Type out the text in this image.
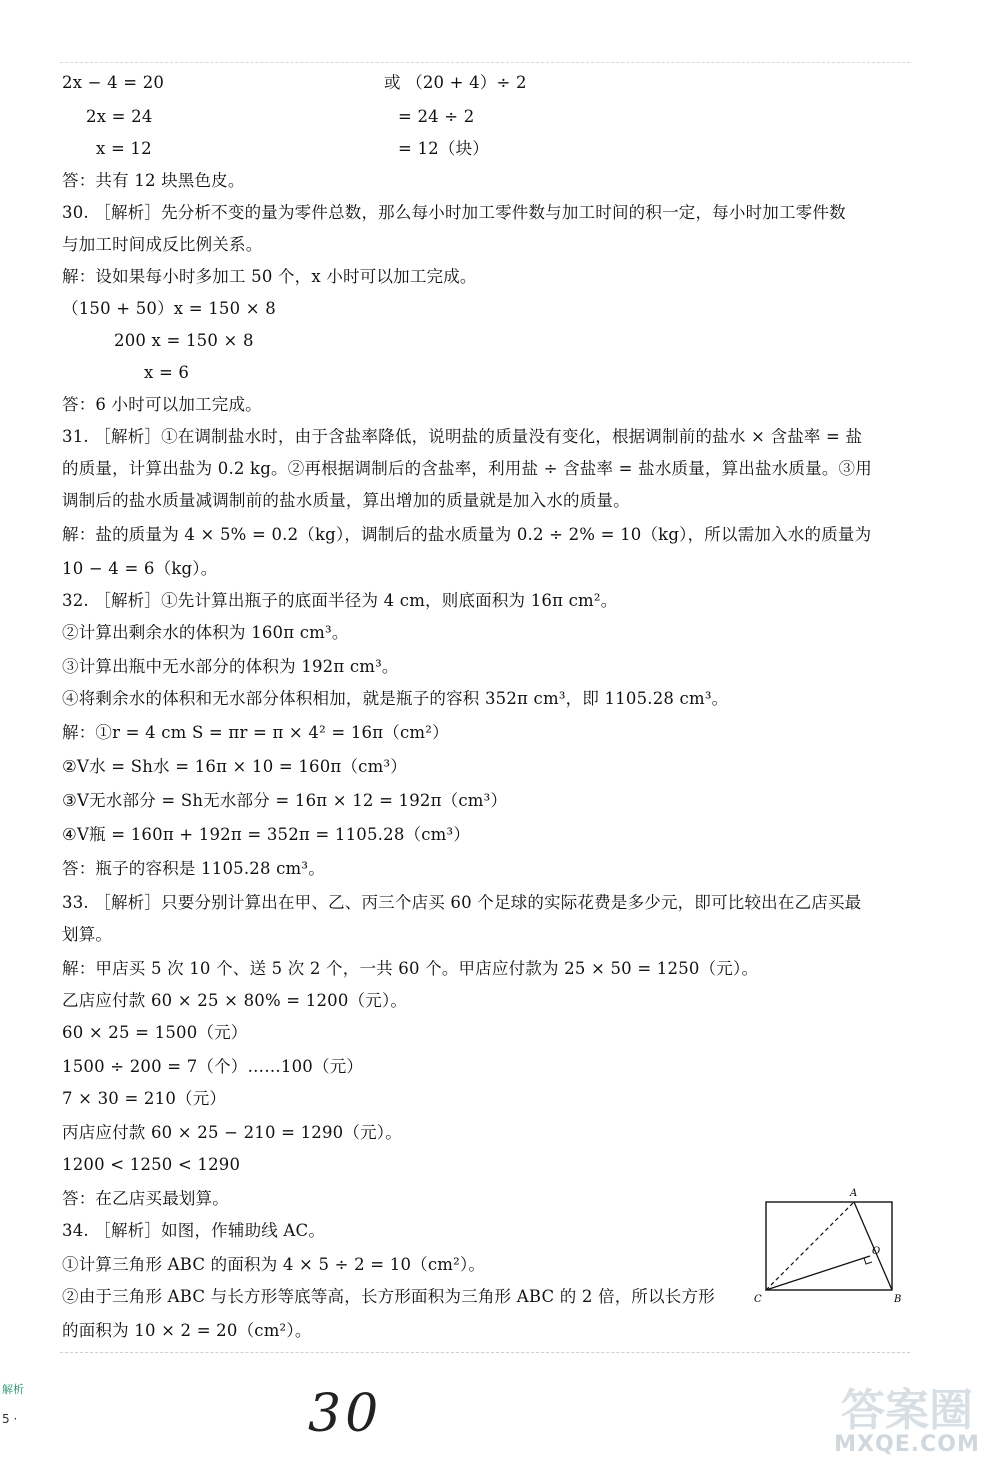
2x − 4 = 20	或 （20 + 4）÷ 2
2x = 24	= 24 ÷ 2
x = 12	= 12（块）
答：共有 12 块黑色皮。
30. ［解析］先分析不变的量为零件总数，那么每小时加工零件数与加工时间的积一定，每小时加工零件数
与加工时间成反比例关系。
解：设如果每小时多加工 50 个，x 小时可以加工完成。
（150 + 50）x = 150 × 8
200 x = 150 × 8
x = 6
答：6 小时可以加工完成。
31. ［解析］①在调制盐水时，由于含盐率降低，说明盐的质量没有变化，根据调制前的盐水 × 含盐率 = 盐
的质量，计算出盐为 0.2 kg。②再根据调制后的含盐率，利用盐 ÷ 含盐率 = 盐水质量，算出盐水质量。③用
调制后的盐水质量减调制前的盐水质量，算出增加的质量就是加入水的质量。
解：盐的质量为 4 × 5% = 0.2（kg），调制后的盐水质量为 0.2 ÷ 2% = 10（kg），所以需加入水的质量为
10 − 4 = 6（kg）。
32. ［解析］①先计算出瓶子的底面半径为 4 cm，则底面积为 16π cm²。
②计算出剩余水的体积为 160π cm³。
③计算出瓶中无水部分的体积为 192π cm³。
④将剩余水的体积和无水部分体积相加，就是瓶子的容积 352π cm³，即 1105.28 cm³。
解：①r = 4 cm S = πr = π × 4² = 16π（cm²）
②V水 = Sh水 = 16π × 10 = 160π（cm³）
③V无水部分 = Sh无水部分 = 16π × 12 = 192π（cm³）
④V瓶 = 160π + 192π = 352π = 1105.28（cm³）
答：瓶子的容积是 1105.28 cm³。
33. ［解析］只要分别计算出在甲、乙、丙三个店买 60 个足球的实际花费是多少元，即可比较出在乙店买最
划算。
解：甲店买 5 次 10 个、送 5 次 2 个，一共 60 个。甲店应付款为 25 × 50 = 1250（元）。
乙店应付款 60 × 25 × 80% = 1200（元）。
60 × 25 = 1500（元）
1500 ÷ 200 = 7（个）……100（元）
7 × 30 = 210（元）
丙店应付款 60 × 25 − 210 = 1290（元）。
1200 < 1250 < 1290
答：在乙店买最划算。
34. ［解析］如图，作辅助线 AC。
①计算三角形 ABC 的面积为 4 × 5 ÷ 2 = 10（cm²）。
②由于三角形 ABC 与长方形等底等高，长方形面积为三角形 ABC 的 2 倍，所以长方形
的面积为 10 × 2 = 20（cm²）。
A
B
C
O
解析
5 ·	30	答案圈
MXQE.COM
